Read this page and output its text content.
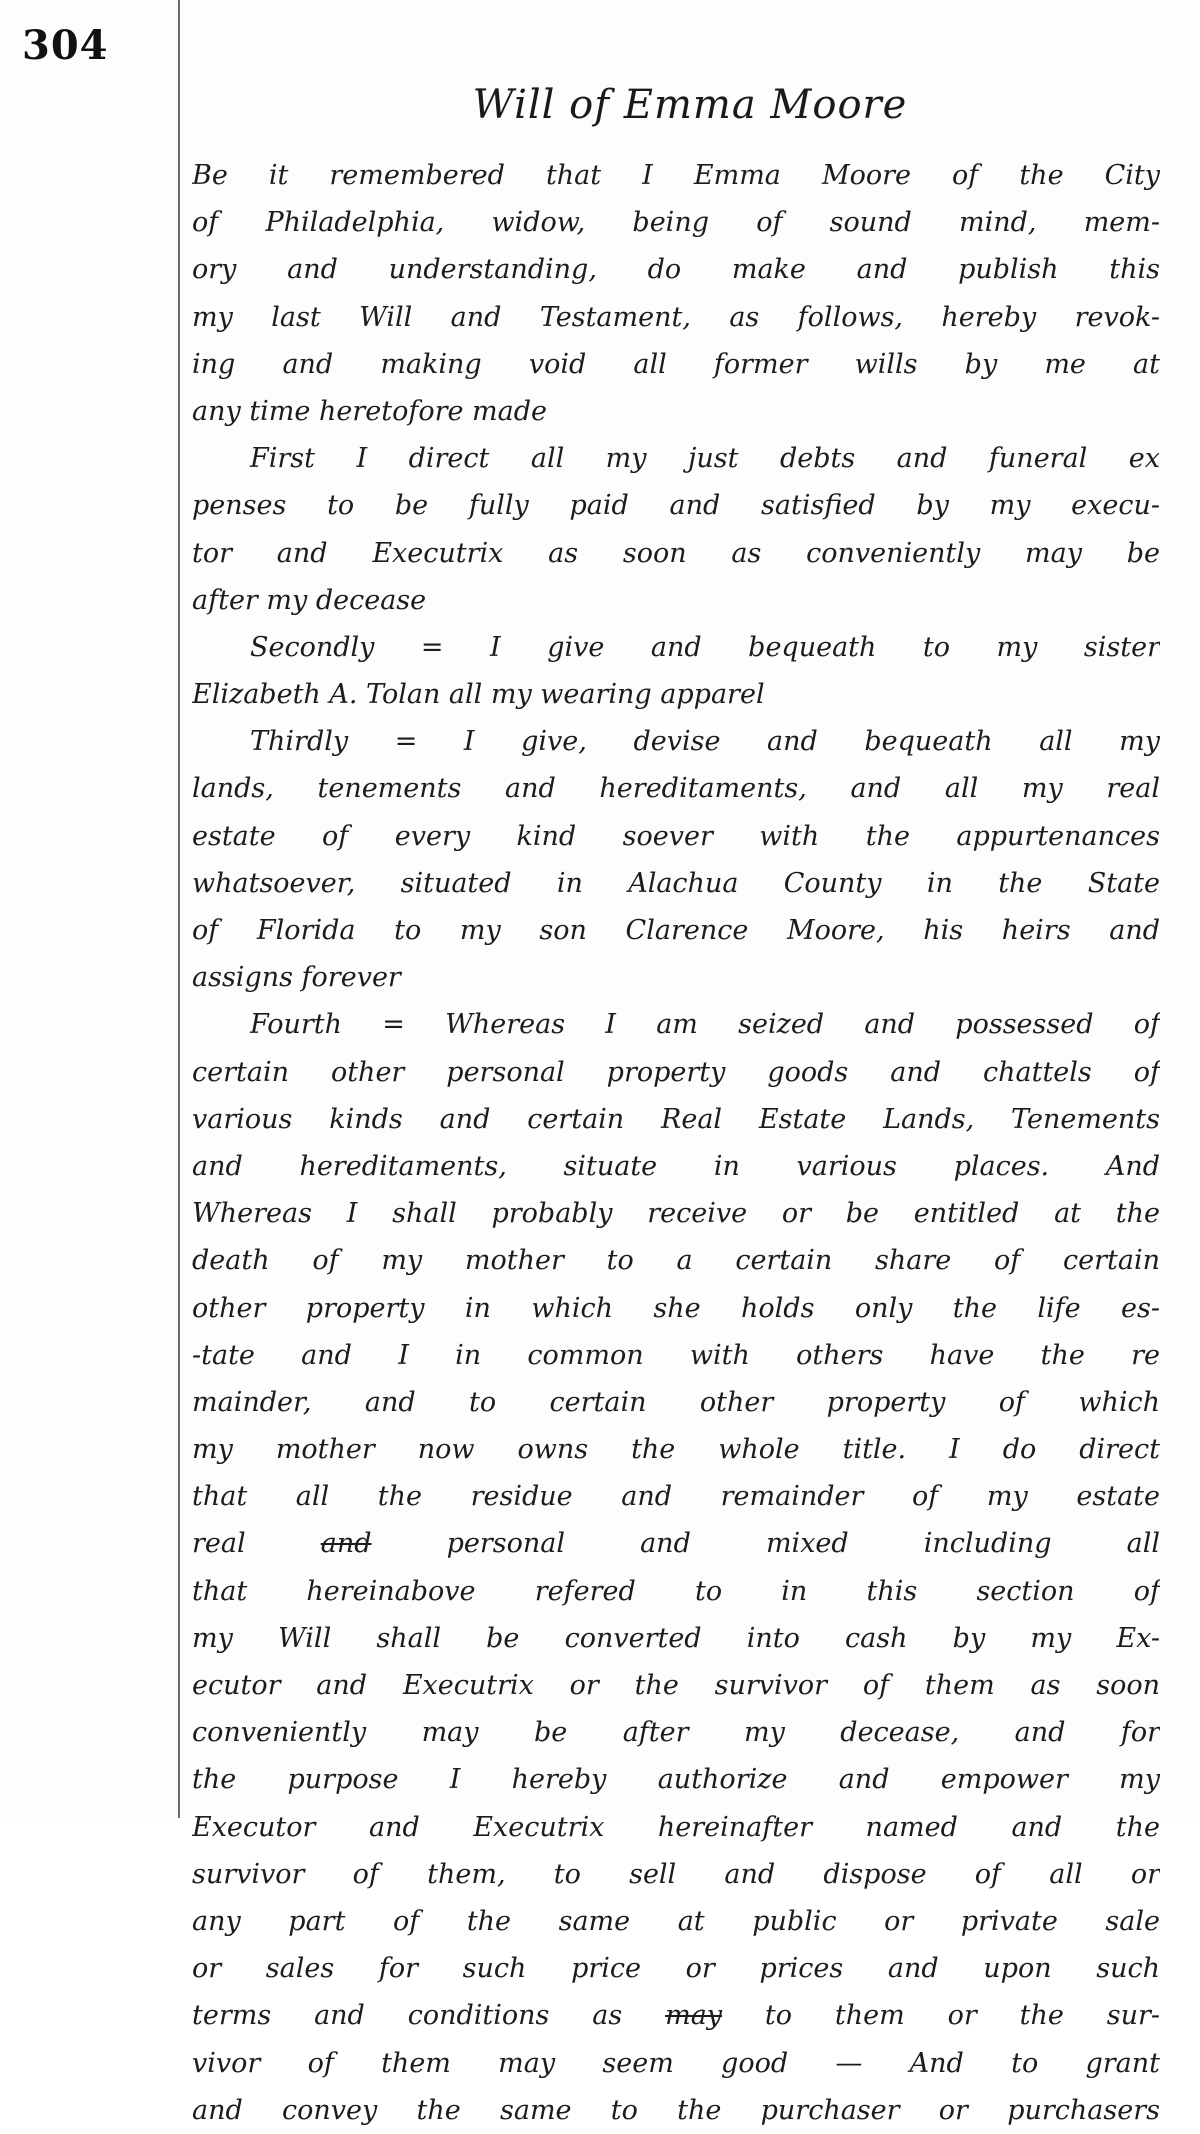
304
Will of Emma Moore
Be it remembered that I Emma Moore of the City
of Philadelphia, widow, being of sound mind, mem-
ory and understanding, do make and publish this
my last Will and Testament, as follows, hereby revok-
ing and making void all former wills by me at
any time heretofore made
First I direct all my just debts and funeral ex
penses to be fully paid and satisfied by my execu-
tor and Executrix as soon as conveniently may be
after my decease
Secondly = I give and bequeath to my sister
Elizabeth A. Tolan all my wearing apparel
Thirdly = I give, devise and bequeath all my
lands, tenements and hereditaments, and all my real
estate of every kind soever with the appurtenances
whatsoever, situated in Alachua County in the State
of Florida to my son Clarence Moore, his heirs and
assigns forever
Fourth = Whereas I am seized and possessed of
certain other personal property goods and chattels of
various kinds and certain Real Estate Lands, Tenements
and hereditaments, situate in various places. And
Whereas I shall probably receive or be entitled at the
death of my mother to a certain share of certain
other property in which she holds only the life es-
-tate and I in common with others have the re
mainder, and to certain other property of which
my mother now owns the whole title. I do direct
that all the residue and remainder of my estate
real and personal and mixed including all
that hereinabove refered to in this section of
my Will shall be converted into cash by my Ex-
ecutor and Executrix or the survivor of them as soon
conveniently may be after my decease, and for
the purpose I hereby authorize and empower my
Executor and Executrix hereinafter named and the
survivor of them, to sell and dispose of all or
any part of the same at public or private sale
or sales for such price or prices and upon such
terms and conditions as may to them or the sur-
vivor of them may seem good — And to grant
and convey the same to the purchaser or purchasers
